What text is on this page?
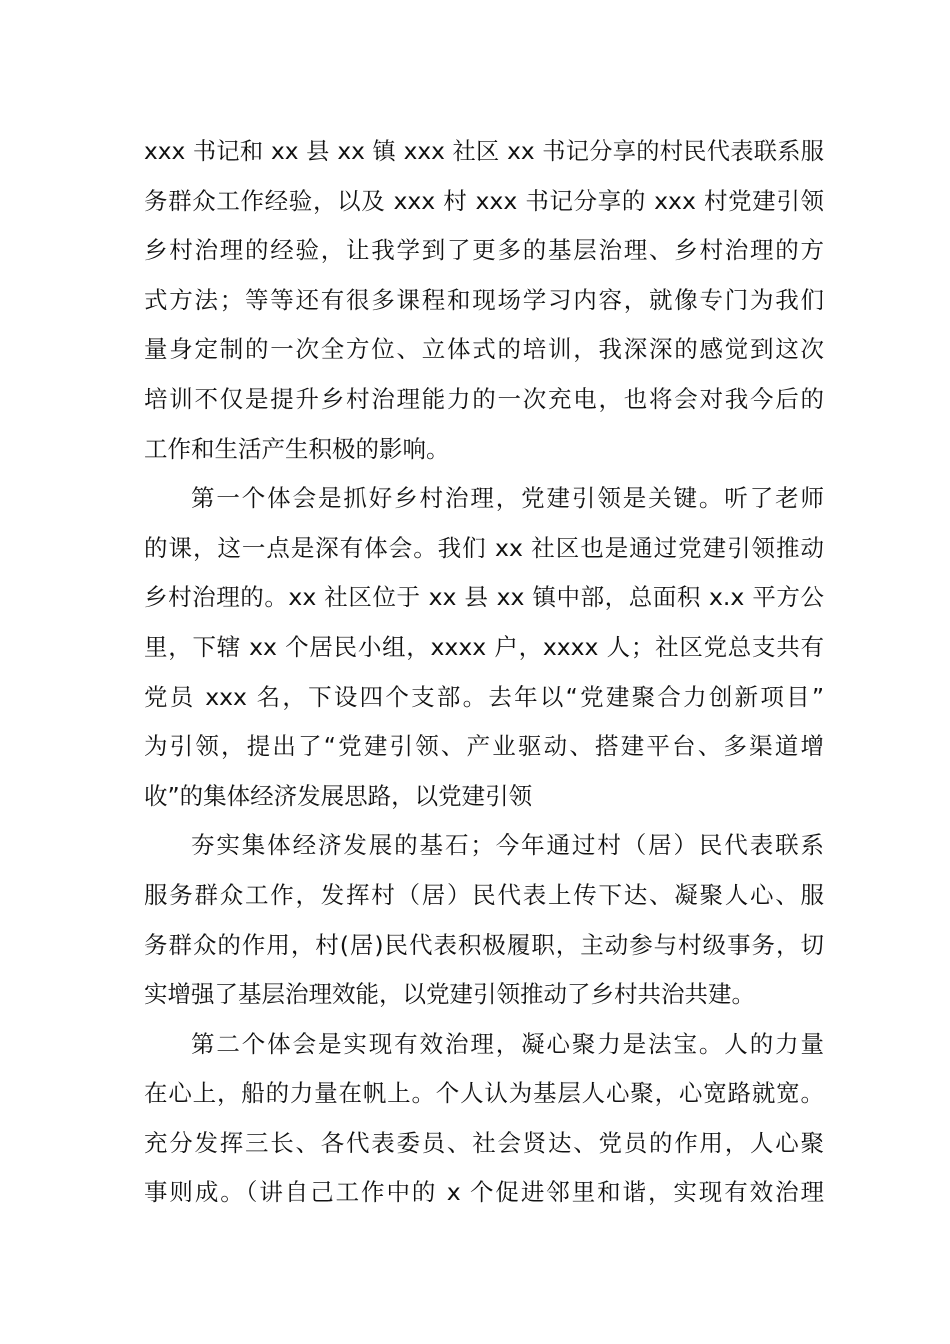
xxx 书记和 xx 县 xx 镇 xxx 社区 xx 书记分享的村民代表联系服
务群众工作经验，以及 xxx 村 xxx 书记分享的 xxx 村党建引领
乡村治理的经验，让我学到了更多的基层治理、乡村治理的方
式方法；等等还有很多课程和现场学习内容，就像专门为我们
量身定制的一次全方位、立体式的培训，我深深的感觉到这次
培训不仅是提升乡村治理能力的一次充电，也将会对我今后的
工作和生活产生积极的影响。
第一个体会是抓好乡村治理，党建引领是关键。听了老师
的课，这一点是深有体会。我们 xx 社区也是通过党建引领推动
乡村治理的。xx 社区位于 xx 县 xx 镇中部，总面积 x.x 平方公
里，下辖 xx 个居民小组，xxxx 户，xxxx 人；社区党总支共有
党员 xxx 名，下设四个支部。去年以“党建聚合力创新项目”
为引领，提出了“党建引领、产业驱动、搭建平台、多渠道增
收”的集体经济发展思路，以党建引领
夯实集体经济发展的基石；今年通过村（居）民代表联系
服务群众工作，发挥村（居）民代表上传下达、凝聚人心、服
务群众的作用，村(居)民代表积极履职，主动参与村级事务，切
实增强了基层治理效能，以党建引领推动了乡村共治共建。
第二个体会是实现有效治理，凝心聚力是法宝。人的力量
在心上，船的力量在帆上。个人认为基层人心聚，心宽路就宽。
充分发挥三长、各代表委员、社会贤达、党员的作用，人心聚
事则成。（讲自己工作中的 x 个促进邻里和谐，实现有效治理
